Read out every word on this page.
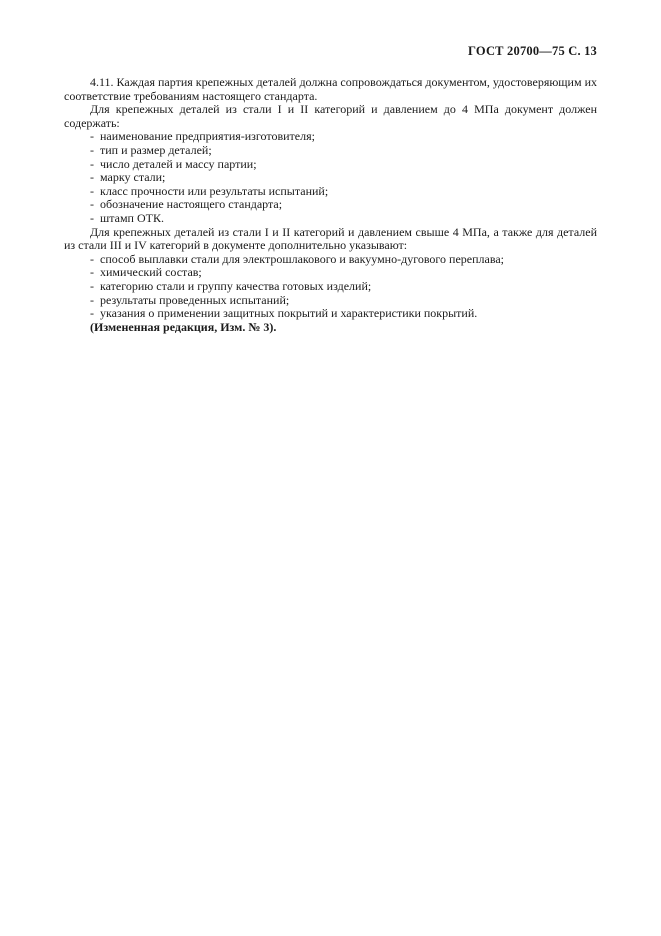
ГОСТ 20700—75 С. 13

4.11. Каждая партия крепежных деталей должна сопровождаться документом, удостоверяющим их соответствие требованиям настоящего стандарта.

Для крепежных деталей из стали I и II категорий и давлением до 4 МПа документ должен содержать:

- наименование предприятия-изготовителя;
- тип и размер деталей;
- число деталей и массу партии;
- марку стали;
- класс прочности или результаты испытаний;
- обозначение настоящего стандарта;
- штамп ОТК.

Для крепежных деталей из стали I и II категорий и давлением свыше 4 МПа, а также для деталей из стали III и IV категорий в документе дополнительно указывают:

- способ выплавки стали для электрошлакового и вакуумно-дугового переплава;
- химический состав;
- категорию стали и группу качества готовых изделий;
- результаты проведенных испытаний;
- указания о применении защитных покрытий и характеристики покрытий.

(Измененная редакция, Изм. № 3).
